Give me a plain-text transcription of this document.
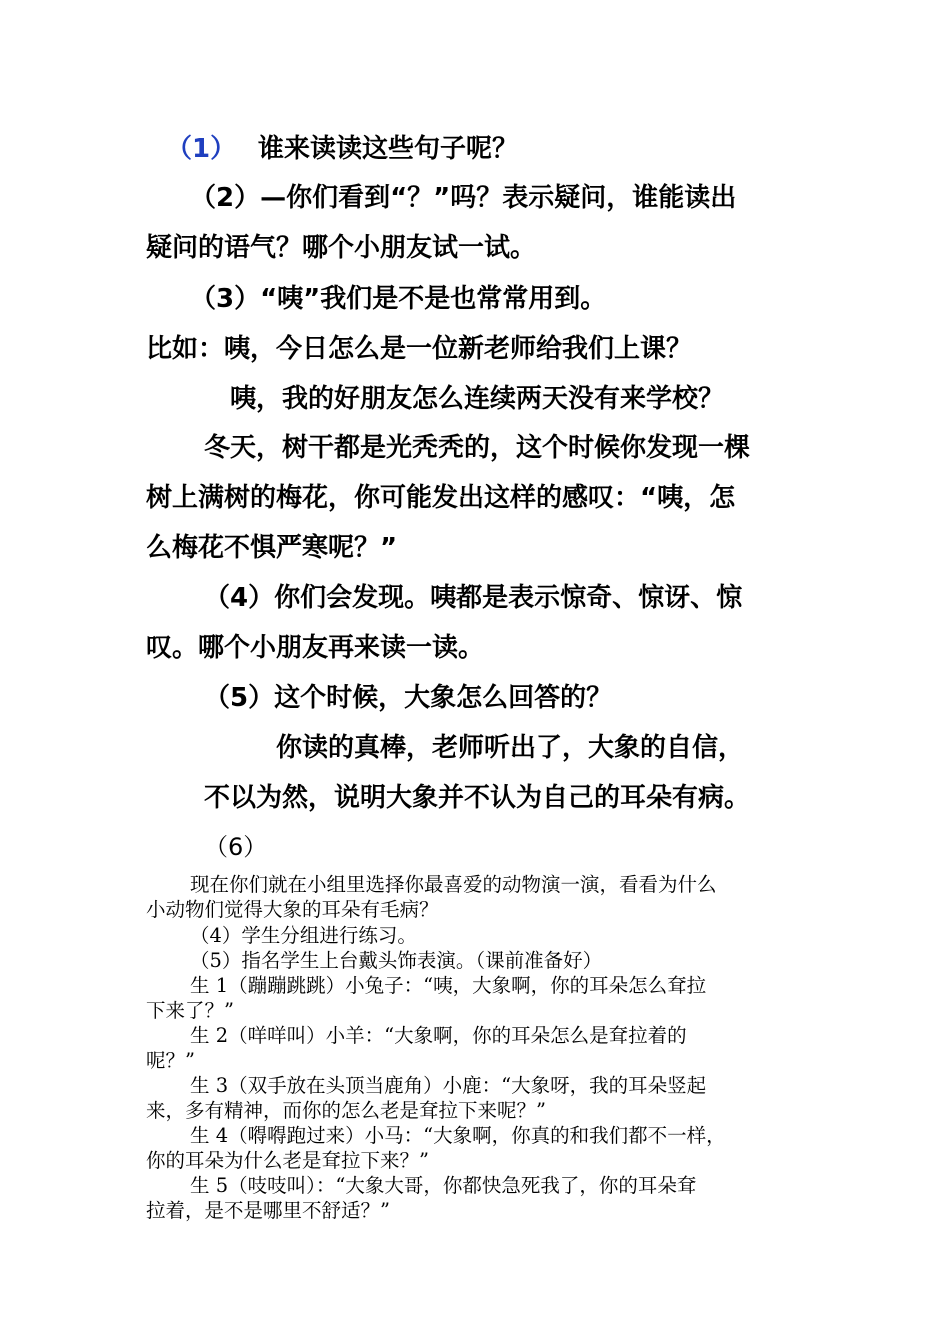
（1） 谁来读读这些句子呢？

（2）—你们看到“？”吗？表示疑问，谁能读出

疑问的语气？哪个小朋友试一试。

（3）“咦”我们是不是也常常用到。

比如：咦，今日怎么是一位新老师给我们上课？

咦，我的好朋友怎么连续两天没有来学校？

冬天，树干都是光秃秃的，这个时候你发现一棵

树上满树的梅花，你可能发出这样的感叹：“咦，怎

么梅花不惧严寒呢？”

（4）你们会发现。咦都是表示惊奇、惊讶、惊

叹。哪个小朋友再来读一读。

（5）这个时候，大象怎么回答的？

你读的真棒，老师听出了，大象的自信，

不以为然，说明大象并不认为自己的耳朵有病。

（6）

现在你们就在小组里选择你最喜爱的动物演一演，看看为什么

小动物们觉得大象的耳朵有毛病？

（4）学生分组进行练习。

（5）指名学生上台戴头饰表演。（课前准备好）

生 1（蹦蹦跳跳）小兔子：“咦，大象啊，你的耳朵怎么耷拉

下来了？”

生 2（咩咩叫）小羊：“大象啊，你的耳朵怎么是耷拉着的

呢？”

生 3（双手放在头顶当鹿角）小鹿：“大象呀，我的耳朵竖起

来，多有精神，而你的怎么老是耷拉下来呢？”

生 4（嘚嘚跑过来）小马：“大象啊，你真的和我们都不一样，

你的耳朵为什么老是耷拉下来？”

生 5（吱吱叫）：“大象大哥，你都快急死我了，你的耳朵耷

拉着，是不是哪里不舒适？”
